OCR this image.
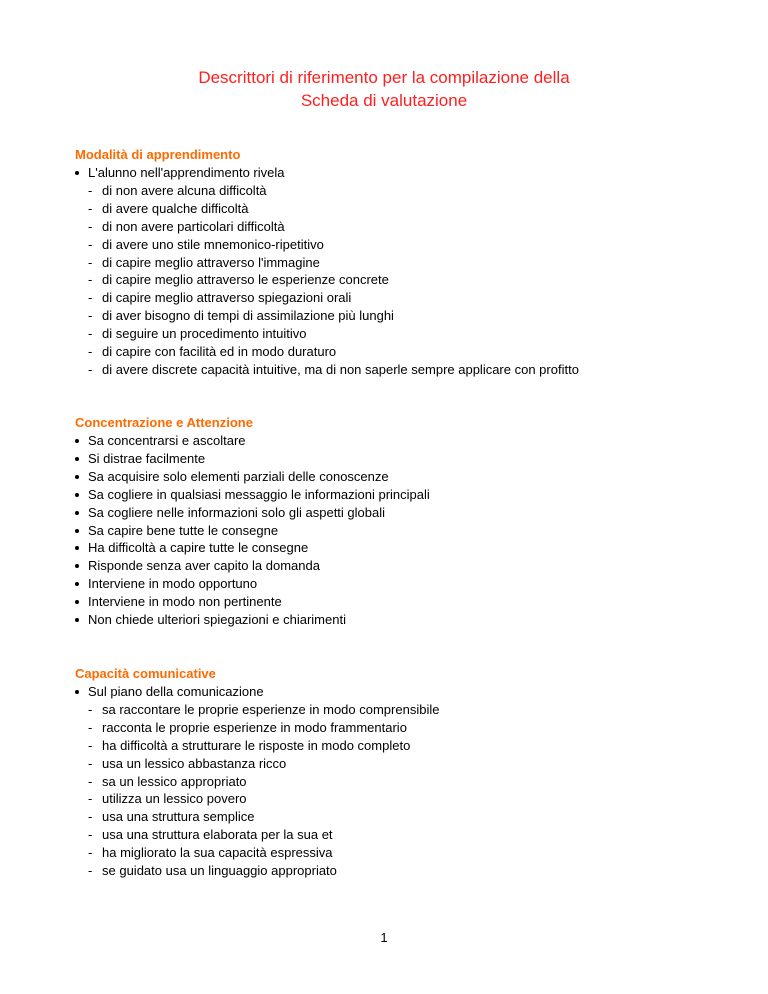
Descrittori di riferimento per la compilazione della
Scheda di valutazione
Modalità di apprendimento
L'alunno nell'apprendimento rivela
- di non avere alcuna difficoltà
- di avere qualche difficoltà
- di non avere particolari difficoltà
- di avere uno stile mnemonico-ripetitivo
- di capire meglio attraverso l'immagine
- di capire meglio attraverso le esperienze concrete
- di capire meglio attraverso spiegazioni orali
- di aver bisogno di tempi di assimilazione più lunghi
- di seguire un procedimento intuitivo
- di capire con facilità ed in modo duraturo
- di avere discrete capacità intuitive, ma di non saperle sempre applicare con profitto
Concentrazione e Attenzione
Sa concentrarsi e ascoltare
Si distrae facilmente
Sa acquisire solo elementi parziali delle conoscenze
Sa cogliere in qualsiasi messaggio le informazioni principali
Sa cogliere nelle informazioni solo gli aspetti globali
Sa capire bene tutte le consegne
Ha difficoltà a capire tutte le consegne
Risponde senza aver capito la domanda
Interviene in modo opportuno
Interviene in modo non pertinente
Non chiede ulteriori spiegazioni e chiarimenti
Capacità comunicative
Sul piano della comunicazione
- sa raccontare le proprie esperienze in modo comprensibile
- racconta le proprie esperienze in modo frammentario
- ha difficoltà a strutturare le risposte in modo completo
- usa un lessico abbastanza ricco
- sa un lessico appropriato
- utilizza un lessico povero
- usa una struttura semplice
- usa una struttura elaborata per la sua et
- ha migliorato la sua capacità espressiva
- se guidato usa un linguaggio appropriato
1
